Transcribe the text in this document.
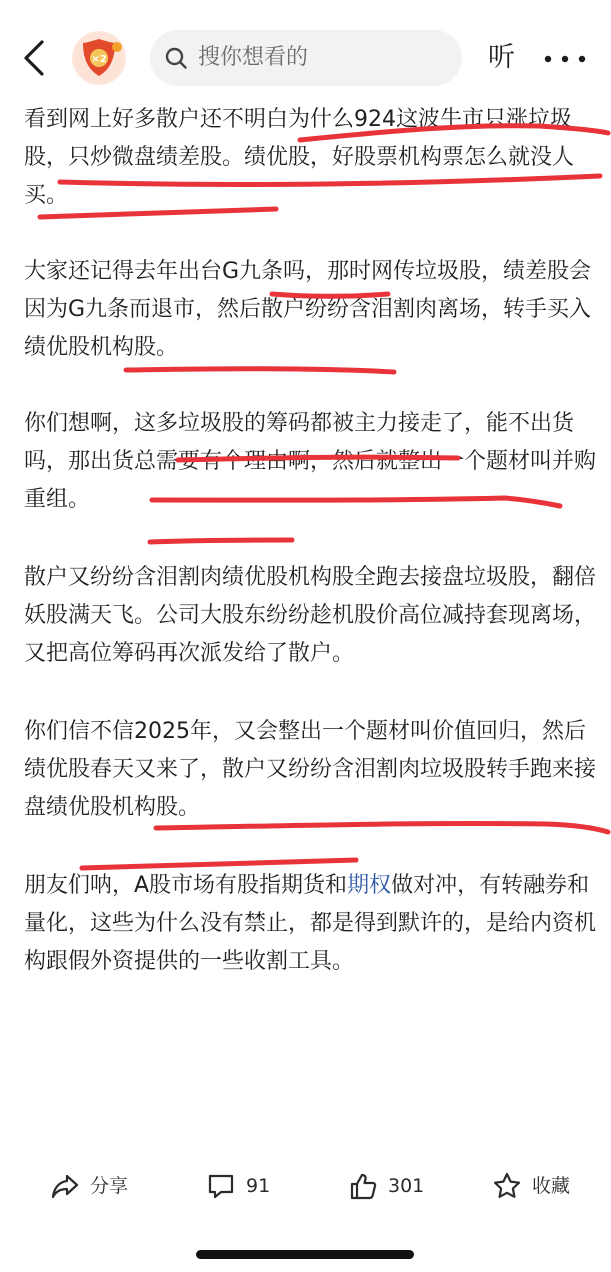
×2	搜你想看的	听

看到网上好多散户还不明白为什么924这波牛市只涨垃圾股，只炒微盘绩差股。绩优股，好股票机构票怎么就没人买。

大家还记得去年出台G九条吗，那时网传垃圾股，绩差股会因为G九条而退市，然后散户纷纷含泪割肉离场，转手买入绩优股机构股。

你们想啊，这多垃圾股的筹码都被主力接走了，能不出货吗，那出货总需要有个理由啊，然后就整出一个题材叫并购重组。

散户又纷纷含泪割肉绩优股机构股全跑去接盘垃圾股，翻倍妖股满天飞。公司大股东纷纷趁机股价高位减持套现离场，又把高位筹码再次派发给了散户。

你们信不信2025年，又会整出一个题材叫价值回归，然后绩优股春天又来了，散户又纷纷含泪割肉垃圾股转手跑来接盘绩优股机构股。

朋友们呐，A股市场有股指期货和期权做对冲，有转融券和量化，这些为什么没有禁止，都是得到默许的，是给内资机构跟假外资提供的一些收割工具。

分享	91	301	收藏
